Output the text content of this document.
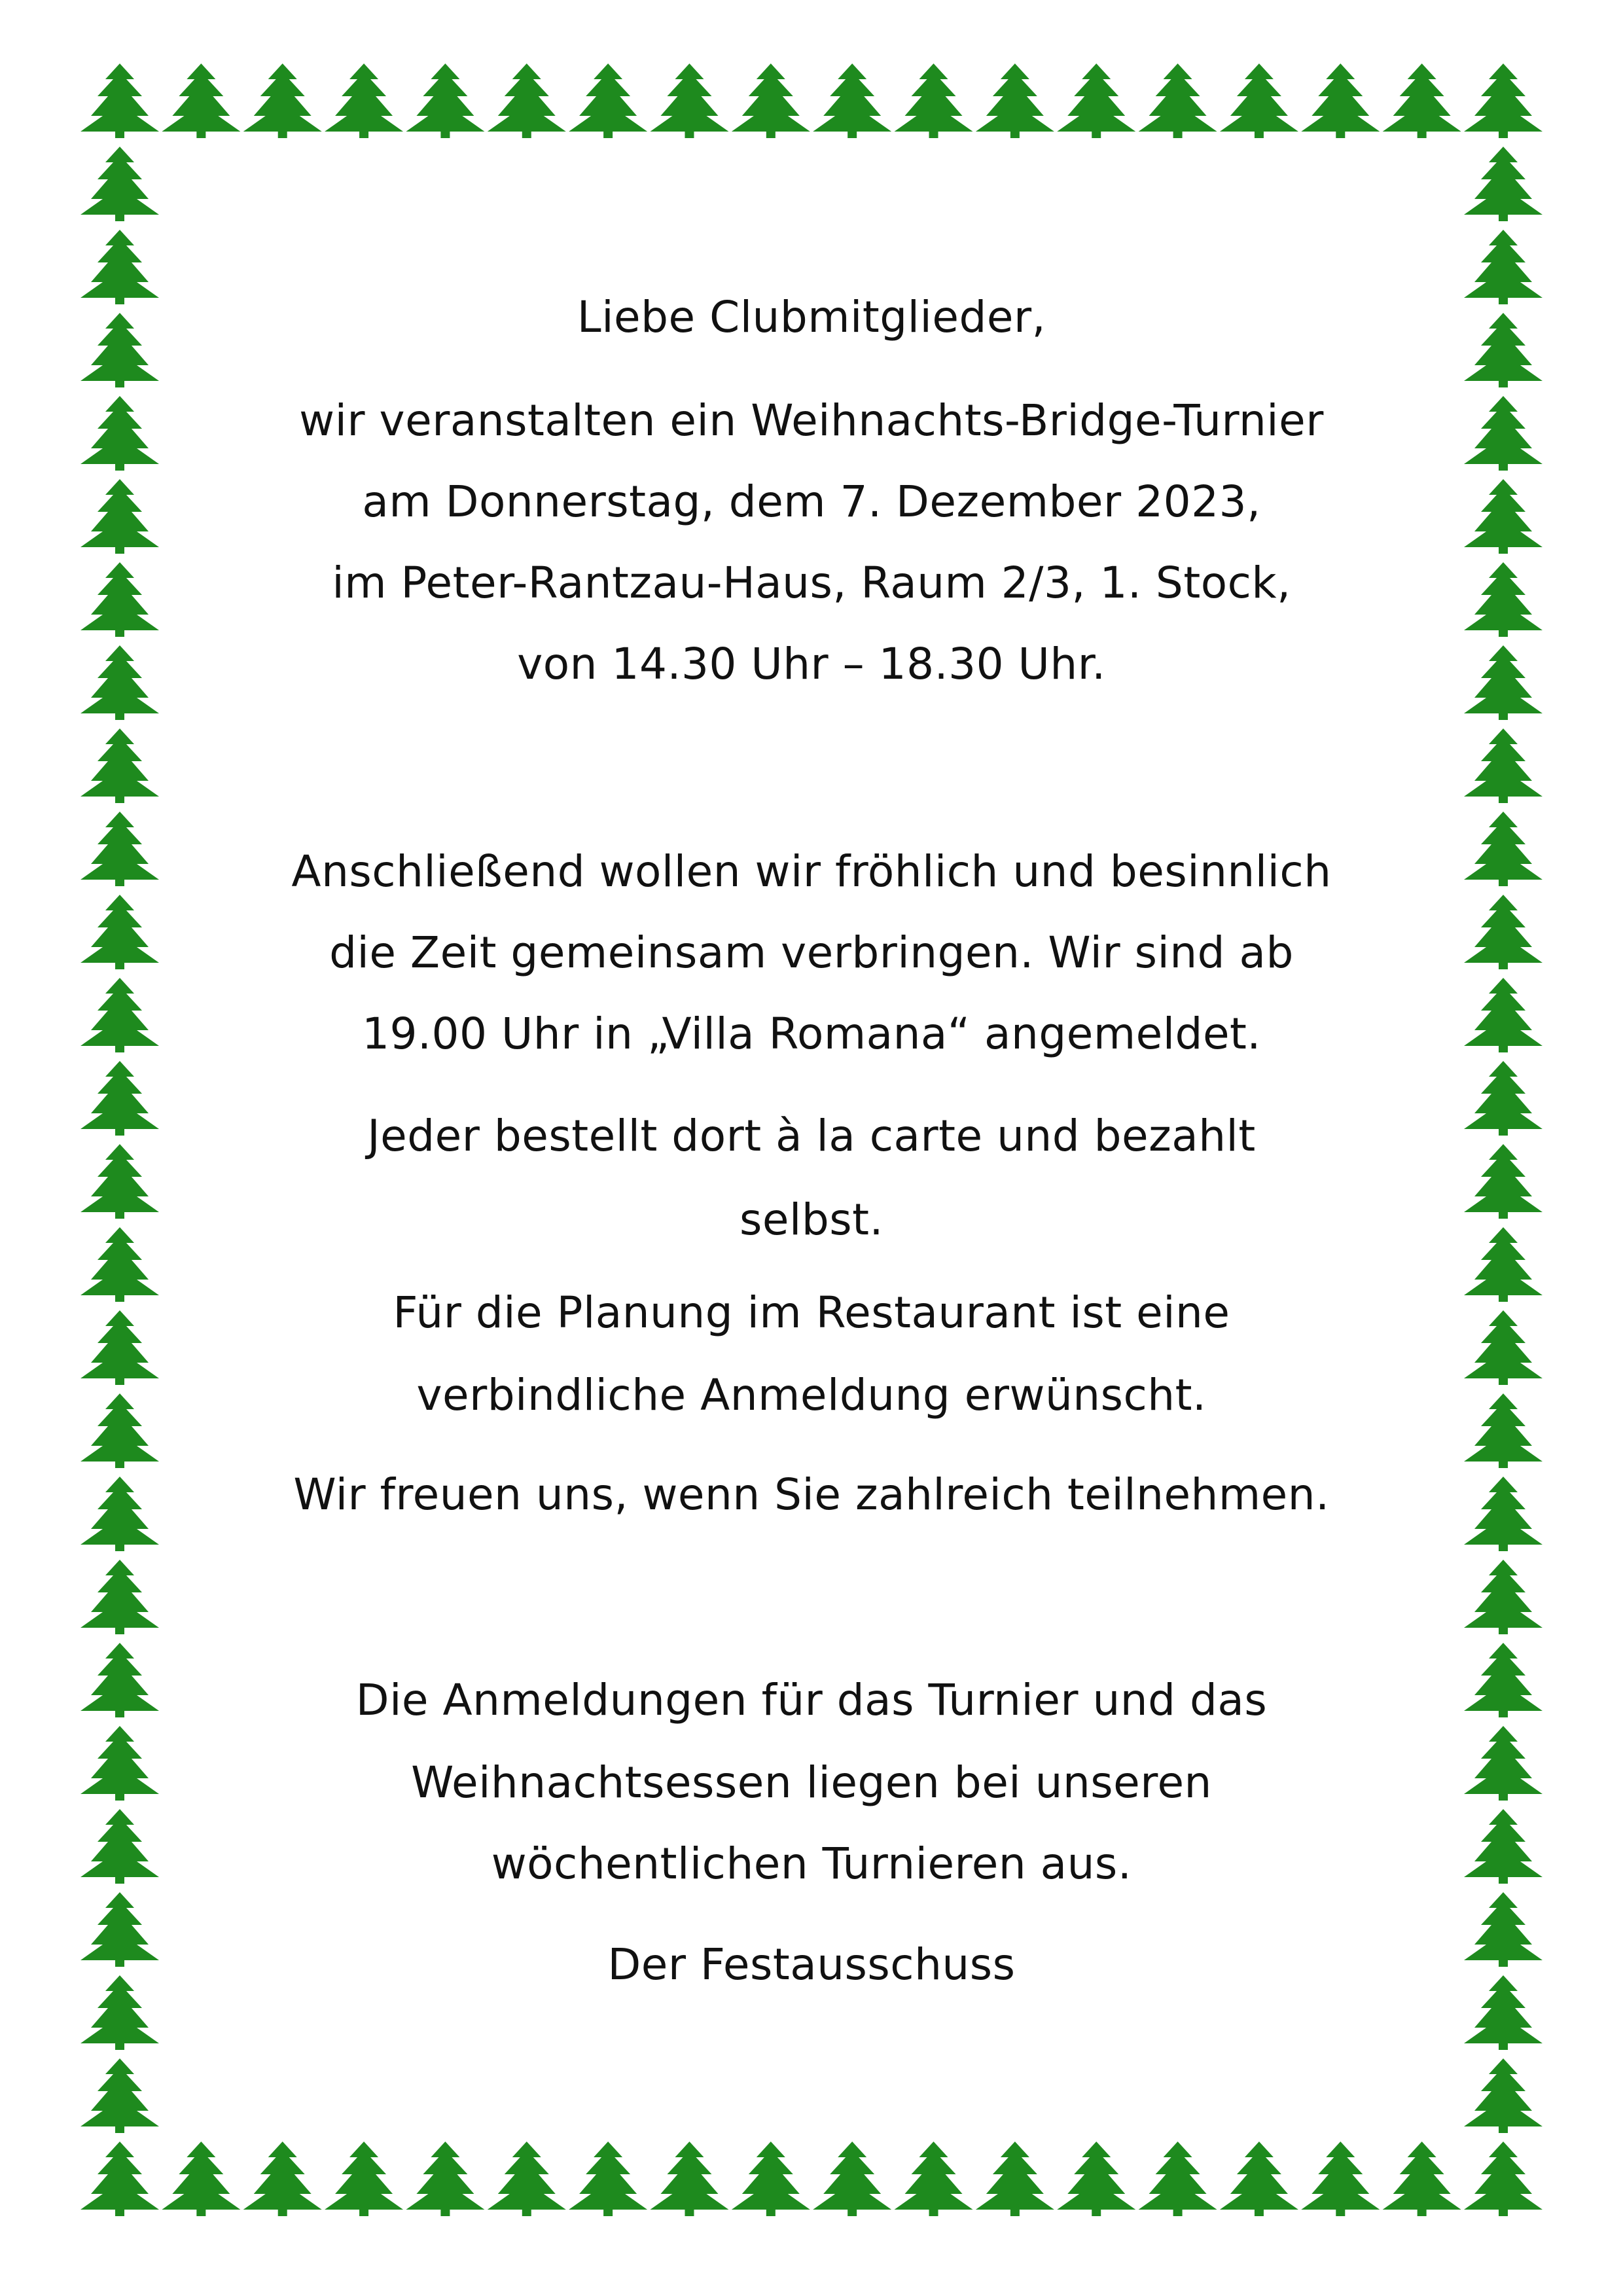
Liebe Clubmitglieder,
wir veranstalten ein Weihnachts-Bridge-Turnier
am Donnerstag, dem 7. Dezember 2023,
im Peter-Rantzau-Haus, Raum 2/3, 1. Stock,
von 14.30 Uhr – 18.30 Uhr.
Anschließend wollen wir fröhlich und besinnlich
die Zeit gemeinsam verbringen. Wir sind ab
19.00 Uhr in „Villa Romana“ angemeldet.
Jeder bestellt dort à la carte und bezahlt
selbst.
Für die Planung im Restaurant ist eine
verbindliche Anmeldung erwünscht.
Wir freuen uns, wenn Sie zahlreich teilnehmen.
Die Anmeldungen für das Turnier und das
Weihnachtsessen liegen bei unseren
wöchentlichen Turnieren aus.
Der Festausschuss
